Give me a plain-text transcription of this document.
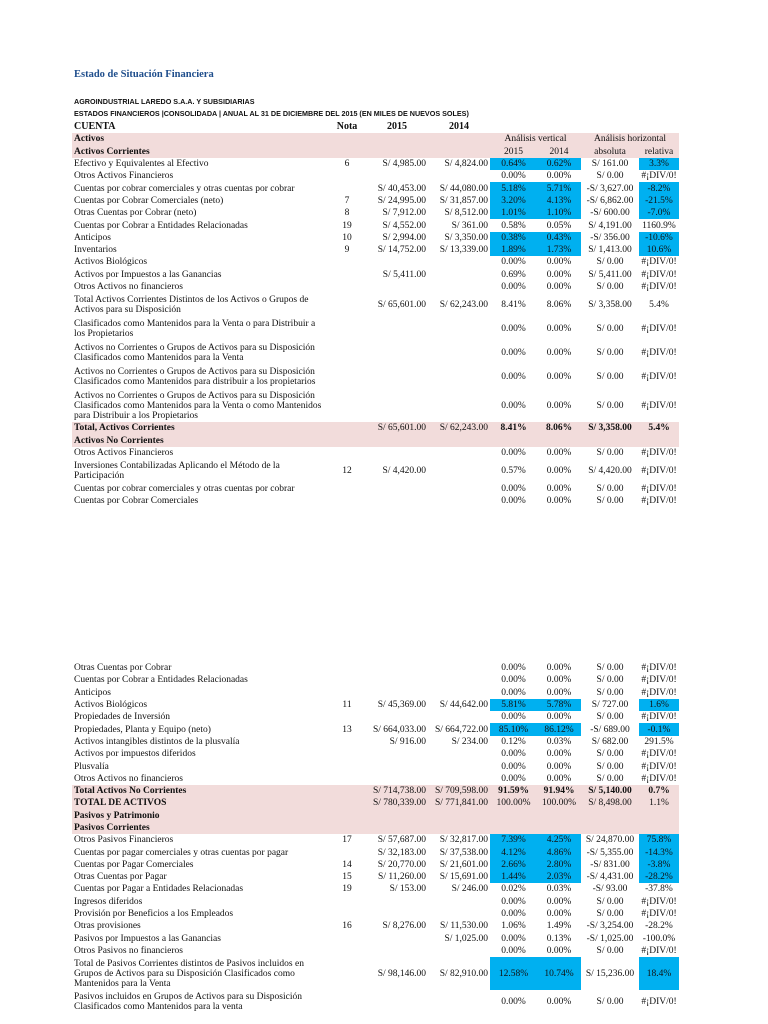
Estado de Situación Financiera
AGROINDUSTRIAL LAREDO S.A.A. Y SUBSIDIARIAS
ESTADOS FINANCIEROS |CONSOLIDADA | ANUAL AL 31 DE DICIEMBRE DEL 2015 (EN MILES DE NUEVOS SOLES)
CUENTA	Nota	2015	2014				
Activos				Análisis vertical		Análisis horizontal	
Activos Corrientes				2015	2014	absoluta	relativa
Efectivo y Equivalentes al Efectivo	6	S/ 4,985.00	S/ 4,824.00	0.64%	0.62%	S/ 161.00	3.3%
Otros Activos Financieros				0.00%	0.00%	S/ 0.00	#¡DIV/0!
Cuentas por cobrar comerciales y otras cuentas por cobrar		S/ 40,453.00	S/ 44,080.00	5.18%	5.71%	-S/ 3,627.00	-8.2%
Cuentas por Cobrar Comerciales (neto)	7	S/ 24,995.00	S/ 31,857.00	3.20%	4.13%	-S/ 6,862.00	-21.5%
Otras Cuentas por Cobrar (neto)	8	S/ 7,912.00	S/ 8,512.00	1.01%	1.10%	-S/ 600.00	-7.0%
Cuentas por Cobrar a Entidades Relacionadas	19	S/ 4,552.00	S/ 361.00	0.58%	0.05%	S/ 4,191.00	1160.9%
Anticipos	10	S/ 2,994.00	S/ 3,350.00	0.38%	0.43%	-S/ 356.00	-10.6%
Inventarios	9	S/ 14,752.00	S/ 13,339.00	1.89%	1.73%	S/ 1,413.00	10.6%
Activos Biológicos				0.00%	0.00%	S/ 0.00	#¡DIV/0!
Activos por Impuestos a las Ganancias		S/ 5,411.00		0.69%	0.00%	S/ 5,411.00	#¡DIV/0!
Otros Activos no financieros				0.00%	0.00%	S/ 0.00	#¡DIV/0!
Total Activos Corrientes Distintos de los Activos o Grupos de Activos para su Disposición		S/ 65,601.00	S/ 62,243.00	8.41%	8.06%	S/ 3,358.00	5.4%
Clasificados como Mantenidos para la Venta o para Distribuir a los Propietarios				0.00%	0.00%	S/ 0.00	#¡DIV/0!
Activos no Corrientes o Grupos de Activos para su Disposición Clasificados como Mantenidos para la Venta				0.00%	0.00%	S/ 0.00	#¡DIV/0!
Activos no Corrientes o Grupos de Activos para su Disposición Clasificados como Mantenidos para distribuir a los propietarios				0.00%	0.00%	S/ 0.00	#¡DIV/0!
Activos no Corrientes o Grupos de Activos para su Disposición Clasificados como Mantenidos para la Venta o como Mantenidos para Distribuir a los Propietarios				0.00%	0.00%	S/ 0.00	#¡DIV/0!
Total, Activos Corrientes		S/ 65,601.00	S/ 62,243.00	8.41%	8.06%	S/ 3,358.00	5.4%
Activos No Corrientes							
Otros Activos Financieros				0.00%	0.00%	S/ 0.00	#¡DIV/0!
Inversiones Contabilizadas Aplicando el Método de la Participación	12	S/ 4,420.00		0.57%	0.00%	S/ 4,420.00	#¡DIV/0!
Cuentas por cobrar comerciales y otras cuentas por cobrar				0.00%	0.00%	S/ 0.00	#¡DIV/0!
Cuentas por Cobrar Comerciales				0.00%	0.00%	S/ 0.00	#¡DIV/0!
Otras Cuentas por Cobrar				0.00%	0.00%	S/ 0.00	#¡DIV/0!
Cuentas por Cobrar a Entidades Relacionadas				0.00%	0.00%	S/ 0.00	#¡DIV/0!
Anticipos				0.00%	0.00%	S/ 0.00	#¡DIV/0!
Activos Biológicos	11	S/ 45,369.00	S/ 44,642.00	5.81%	5.78%	S/ 727.00	1.6%
Propiedades de Inversión				0.00%	0.00%	S/ 0.00	#¡DIV/0!
Propiedades, Planta y Equipo (neto)	13	S/ 664,033.00	S/ 664,722.00	85.10%	86.12%	-S/ 689.00	-0.1%
Activos intangibles distintos de la plusvalía		S/ 916.00	S/ 234.00	0.12%	0.03%	S/ 682.00	291.5%
Activos por impuestos diferidos				0.00%	0.00%	S/ 0.00	#¡DIV/0!
Plusvalía				0.00%	0.00%	S/ 0.00	#¡DIV/0!
Otros Activos no financieros				0.00%	0.00%	S/ 0.00	#¡DIV/0!
Total Activos No Corrientes		S/ 714,738.00	S/ 709,598.00	91.59%	91.94%	S/ 5,140.00	0.7%
TOTAL DE ACTIVOS		S/ 780,339.00	S/ 771,841.00	100.00%	100.00%	S/ 8,498.00	1.1%
Pasivos y Patrimonio							
Pasivos Corrientes							
Otros Pasivos Financieros	17	S/ 57,687.00	S/ 32,817.00	7.39%	4.25%	S/ 24,870.00	75.8%
Cuentas por pagar comerciales y otras cuentas por pagar		S/ 32,183.00	S/ 37,538.00	4.12%	4.86%	-S/ 5,355.00	-14.3%
Cuentas por Pagar Comerciales	14	S/ 20,770.00	S/ 21,601.00	2.66%	2.80%	-S/ 831.00	-3.8%
Otras Cuentas por Pagar	15	S/ 11,260.00	S/ 15,691.00	1.44%	2.03%	-S/ 4,431.00	-28.2%
Cuentas por Pagar a Entidades Relacionadas	19	S/ 153.00	S/ 246.00	0.02%	0.03%	-S/ 93.00	-37.8%
Ingresos diferidos				0.00%	0.00%	S/ 0.00	#¡DIV/0!
Provisión por Beneficios a los Empleados				0.00%	0.00%	S/ 0.00	#¡DIV/0!
Otras provisiones	16	S/ 8,276.00	S/ 11,530.00	1.06%	1.49%	-S/ 3,254.00	-28.2%
Pasivos por Impuestos a las Ganancias			S/ 1,025.00	0.00%	0.13%	-S/ 1,025.00	-100.0%
Otros Pasivos no financieros				0.00%	0.00%	S/ 0.00	#¡DIV/0!
Total de Pasivos Corrientes distintos de Pasivos incluidos en Grupos de Activos para su Disposición Clasificados como Mantenidos para la Venta		S/ 98,146.00	S/ 82,910.00	12.58%	10.74%	S/ 15,236.00	18.4%
Pasivos incluidos en Grupos de Activos para su Disposición Clasificados como Mantenidos para la venta				0.00%	0.00%	S/ 0.00	#¡DIV/0!
